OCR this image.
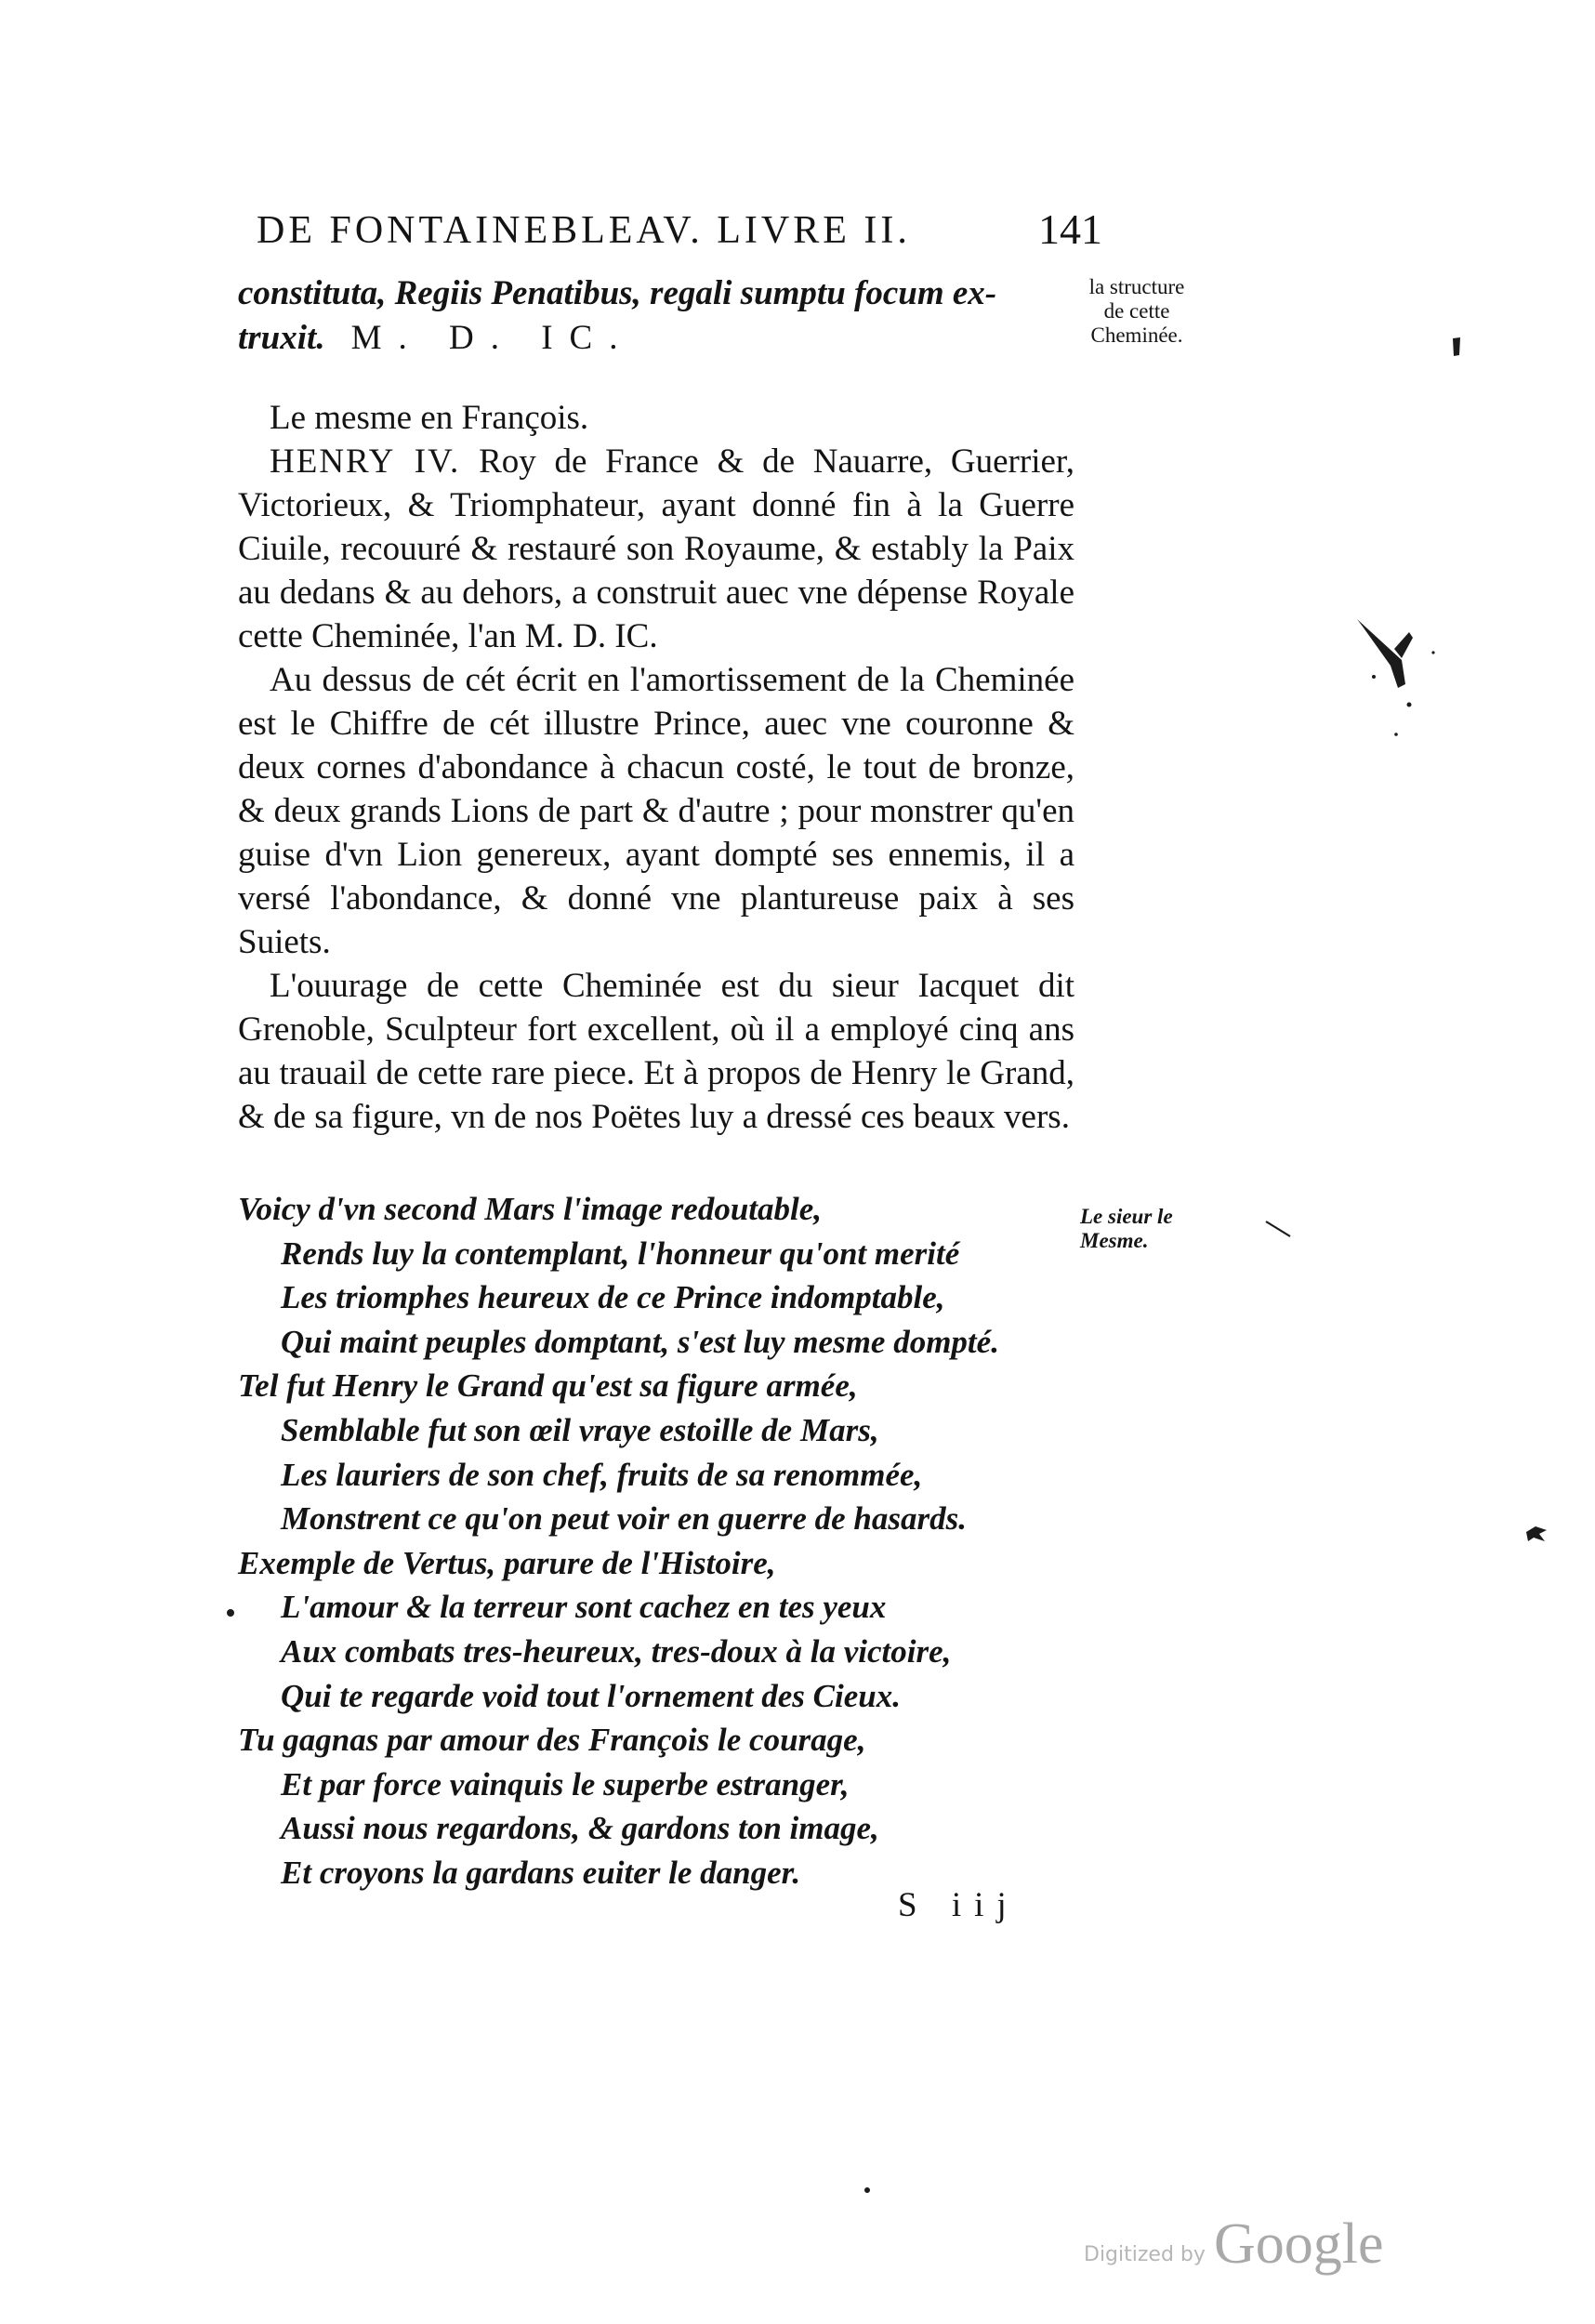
DE FONTAINEBLEAV. LIVRE II.	141
constituta, Regiis Penatibus, regali sumptu focum ex-
truxit. M. D. IC.
la structure
de cette
Cheminée.
Le mesme en François.

HENRY IV. Roy de France & de Nauarre, Guerrier, Victorieux, & Triomphateur, ayant donné fin à la Guerre Ciuile, recouuré & restauré son Royaume, & estably la Paix au dedans & au dehors, a construit auec vne dépense Royale cette Cheminée, l'an M. D. IC.

Au dessus de cét écrit en l'amortissement de la Cheminée est le Chiffre de cét illustre Prince, auec vne couronne & deux cornes d'abondance à chacun costé, le tout de bronze, & deux grands Lions de part & d'autre ; pour monstrer qu'en guise d'vn Lion genereux, ayant dompté ses ennemis, il a versé l'abondance, & donné vne plantureuse paix à ses Suiets.

L'ouurage de cette Cheminée est du sieur Iacquet dit Grenoble, Sculpteur fort excellent, où il a employé cinq ans au trauail de cette rare piece. Et à propos de Henry le Grand, & de sa figure, vn de nos Poëtes luy a dressé ces beaux vers.

Le sieur le
Mesme.
Voicy d'vn second Mars l'image redoutable,
Rends luy la contemplant, l'honneur qu'ont merité
Les triomphes heureux de ce Prince indomptable,
Qui maint peuples domptant, s'est luy mesme dompté.
Tel fut Henry le Grand qu'est sa figure armée,
Semblable fut son œil vraye estoille de Mars,
Les lauriers de son chef, fruits de sa renommée,
Monstrent ce qu'on peut voir en guerre de hasards.
Exemple de Vertus, parure de l'Histoire,
L'amour & la terreur sont cachez en tes yeux
Aux combats tres-heureux, tres-doux à la victoire,
Qui te regarde void tout l'ornement des Cieux.
Tu gagnas par amour des François le courage,
Et par force vainquis le superbe estranger,
Aussi nous regardons, & gardons ton image,
Et croyons la gardans euiter le danger.
S iij
Digitized by Google
